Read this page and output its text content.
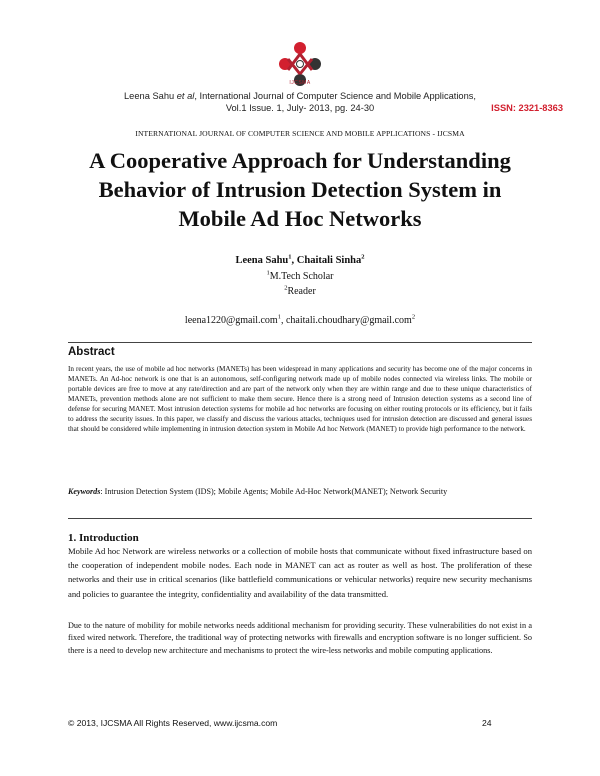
IJCSMA
Leena Sahu et al, International Journal of Computer Science and Mobile Applications,
Vol.1 Issue. 1, July- 2013, pg. 24-30	ISSN: 2321-8363
INTERNATIONAL JOURNAL OF COMPUTER SCIENCE AND MOBILE APPLICATIONS - IJCSMA
A Cooperative Approach for Understanding
Behavior of Intrusion Detection System in
Mobile Ad Hoc Networks
Leena Sahu$^1$, Chaitali Sinha$^2$
$^1$M.Tech Scholar
$^2$Reader
leena1220@gmail.com$^1$, chaitali.choudhary@gmail.com$^2$
Abstract

In recent years, the use of mobile ad hoc networks (MANETs) has been widespread in many applications and security has become one of the major concerns in MANETs. An Ad-hoc network is one that is an autonomous, self-configuring network made up of mobile nodes connected via wireless links. The mobile or portable devices are free to move at any rate/direction and are part of the network only when they are within range and due to these unique characteristics of MANETs, prevention methods alone are not sufficient to make them secure. Hence there is a strong need of Intrusion detection systems as a second line of defense for securing MANET. Most intrusion detection systems for mobile ad hoc networks are focusing on either routing protocols or its efficiency, but it fails to address the security issues. In this paper, we classify and discuss the various attacks, techniques used for intrusion detection are discussed and general issues that should be considered while implementing in intrusion detection system in Mobile Ad hoc Network (MANET) to provide high performance to the network.

Keywords: Intrusion Detection System (IDS); Mobile Agents; Mobile Ad-Hoc Network(MANET); Network Security

1. Introduction

Mobile Ad hoc Network are wireless networks or a collection of mobile hosts that communicate without fixed infrastructure based on the cooperation of independent mobile nodes. Each node in MANET can act as router as well as host. The proliferation of these networks and their use in critical scenarios (like battlefield communications or vehicular networks) require new security mechanisms and policies to guarantee the integrity, confidentiality and availability of the data transmitted.

Due to the nature of mobility for mobile networks needs additional mechanism for providing security. These vulnerabilities do not exist in a fixed wired network. Therefore, the traditional way of protecting networks with firewalls and encryption software is no longer sufficient. So there is a need to develop new architecture and mechanisms to protect the wire-less networks and mobile computing applications.

© 2013, IJCSMA All Rights Reserved, www.ijcsma.com	24
